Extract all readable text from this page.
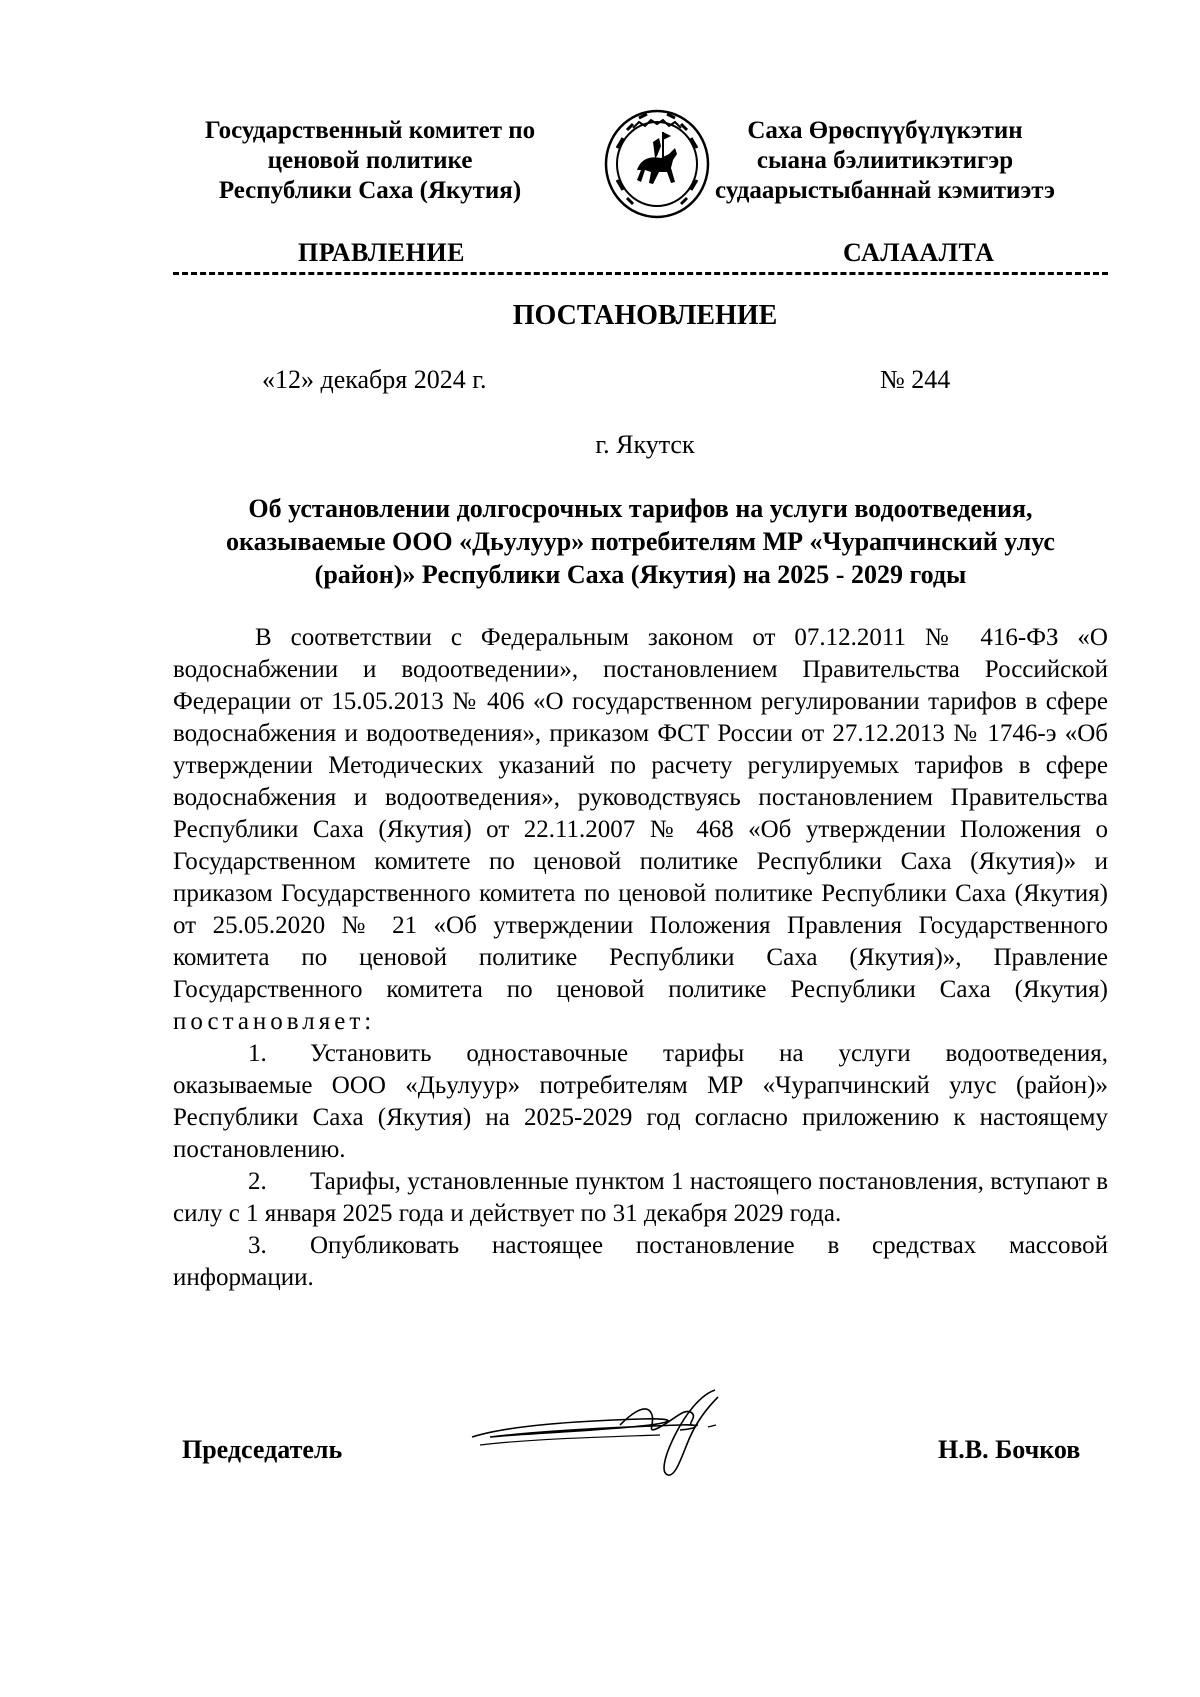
Государственный комитет по
ценовой политике
Республики Саха (Якутия)
Саха Өрөспүүбүлүкэтин
сыана бэлиитикэтигэр
судаарыстыбаннай кэмитиэтэ
ПРАВЛЕНИЕ	САЛААЛТА
ПОСТАНОВЛЕНИЕ
«12» декабря 2024 г.	№ 244
г. Якутск
Об установлении долгосрочных тарифов на услуги водоотведения, оказываемые ООО «Дьулуур» потребителям МР «Чурапчинский улус (район)» Республики Саха (Якутия) на 2025 - 2029 годы

В соответствии с Федеральным законом от 07.12.2011 № 416-ФЗ «О водоснабжении и водоотведении», постановлением Правительства Российской Федерации от 15.05.2013 № 406 «О государственном регулировании тарифов в сфере водоснабжения и водоотведения», приказом ФСТ России от 27.12.2013 № 1746-э «Об утверждении Методических указаний по расчету регулируемых тарифов в сфере водоснабжения и водоотведения», руководствуясь постановлением Правительства Республики Саха (Якутия) от 22.11.2007 № 468 «Об утверждении Положения о Государственном комитете по ценовой политике Республики Саха (Якутия)» и приказом Государственного комитета по ценовой политике Республики Саха (Якутия) от 25.05.2020 № 21 «Об утверждении Положения Правления Государственного комитета по ценовой политике Республики Саха (Якутия)», Правление Государственного комитета по ценовой политике Республики Саха (Якутия) постановляет:

1. Установить одноставочные тарифы на услуги водоотведения, оказываемые ООО «Дьулуур» потребителям МР «Чурапчинский улус (район)» Республики Саха (Якутия) на 2025-2029 год согласно приложению к настоящему постановлению.

2. Тарифы, установленные пунктом 1 настоящего постановления, вступают в силу с 1 января 2025 года и действует по 31 декабря 2029 года.

3. Опубликовать настоящее постановление в средствах массовой информации.

Председатель	Н.В. Бочков
